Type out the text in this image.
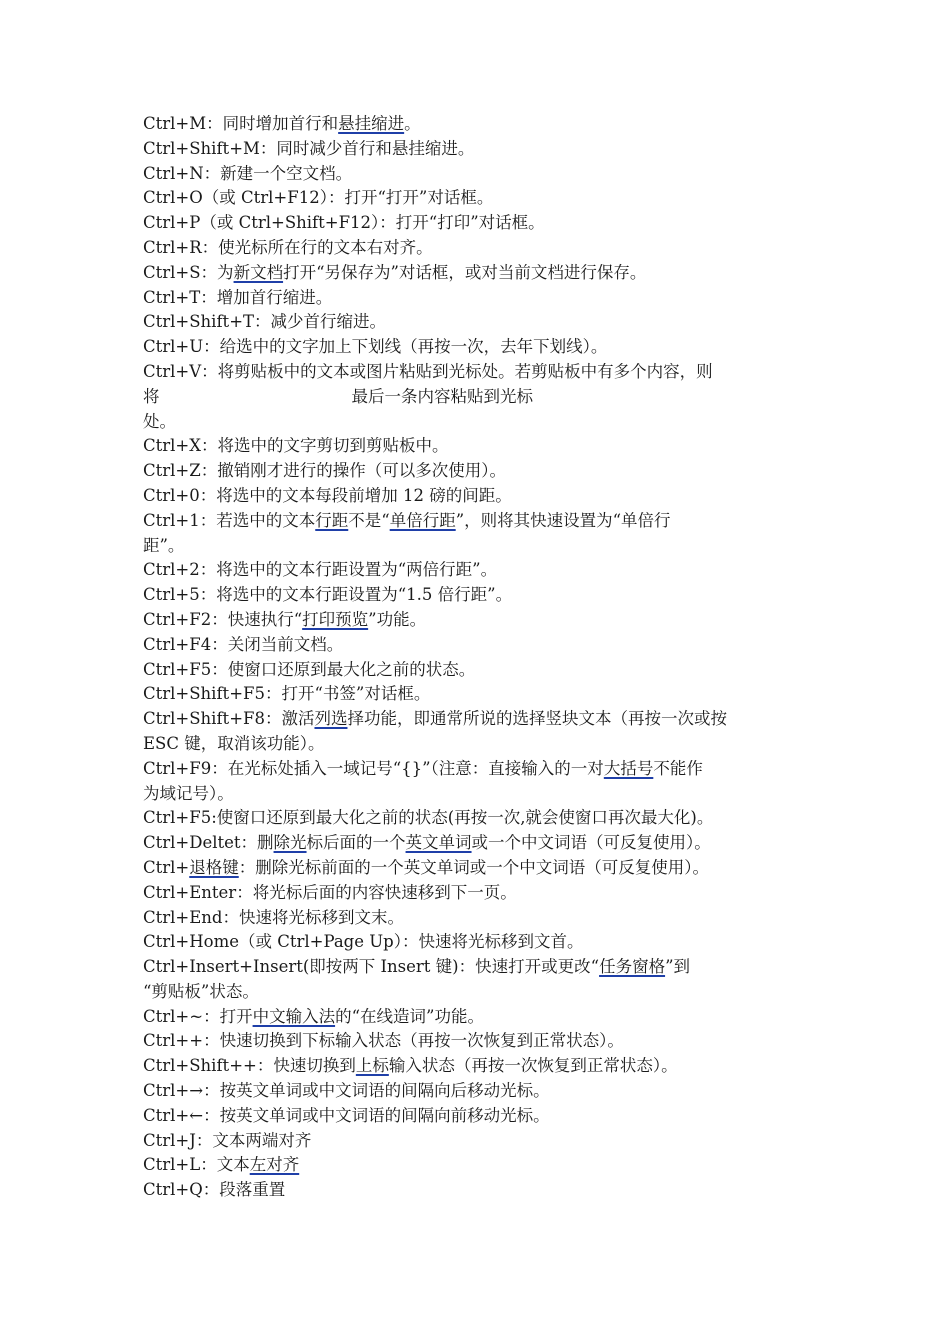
Ctrl+M：同时增加首行和悬挂缩进。
Ctrl+Shift+M：同时减少首行和悬挂缩进。
Ctrl+N：新建一个空文档。
Ctrl+O（或 Ctrl+F12）：打开“打开”对话框。
Ctrl+P（或 Ctrl+Shift+F12）：打开“打印”对话框。
Ctrl+R：使光标所在行的文本右对齐。
Ctrl+S：为新文档打开“另保存为”对话框，或对当前文档进行保存。
Ctrl+T：增加首行缩进。
Ctrl+Shift+T：减少首行缩进。
Ctrl+U：给选中的文字加上下划线（再按一次，去年下划线）。
Ctrl+V：将剪贴板中的文本或图片粘贴到光标处。若剪贴板中有多个内容，则
将	最后一条内容粘贴到光标
处。
Ctrl+X：将选中的文字剪切到剪贴板中。
Ctrl+Z：撤销刚才进行的操作（可以多次使用）。
Ctrl+0：将选中的文本每段前增加 12 磅的间距。
Ctrl+1：若选中的文本行距不是“单倍行距”，则将其快速设置为“单倍行
距”。
Ctrl+2：将选中的文本行距设置为“两倍行距”。
Ctrl+5：将选中的文本行距设置为“1.5 倍行距”。
Ctrl+F2：快速执行“打印预览”功能。
Ctrl+F4：关闭当前文档。
Ctrl+F5：使窗口还原到最大化之前的状态。
Ctrl+Shift+F5：打开“书签”对话框。
Ctrl+Shift+F8：激活列选择功能，即通常所说的选择竖块文本（再按一次或按
ESC 键，取消该功能）。
Ctrl+F9：在光标处插入一域记号“{}”（注意：直接输入的一对大括号不能作
为域记号）。
Ctrl+F5:使窗口还原到最大化之前的状态(再按一次,就会使窗口再次最大化)。
Ctrl+Deltet：删除光标后面的一个英文单词或一个中文词语（可反复使用）。
Ctrl+退格键：删除光标前面的一个英文单词或一个中文词语（可反复使用）。
Ctrl+Enter：将光标后面的内容快速移到下一页。
Ctrl+End：快速将光标移到文末。
Ctrl+Home（或 Ctrl+Page Up）：快速将光标移到文首。
Ctrl+Insert+Insert(即按两下 Insert 键)：快速打开或更改“任务窗格”到
“剪贴板”状态。
Ctrl+~：打开中文输入法的“在线造词”功能。
Ctrl++：快速切换到下标输入状态（再按一次恢复到正常状态）。
Ctrl+Shift++：快速切换到上标输入状态（再按一次恢复到正常状态）。
Ctrl+→：按英文单词或中文词语的间隔向后移动光标。
Ctrl+←：按英文单词或中文词语的间隔向前移动光标。
Ctrl+J：文本两端对齐
Ctrl+L：文本左对齐
Ctrl+Q：段落重置
